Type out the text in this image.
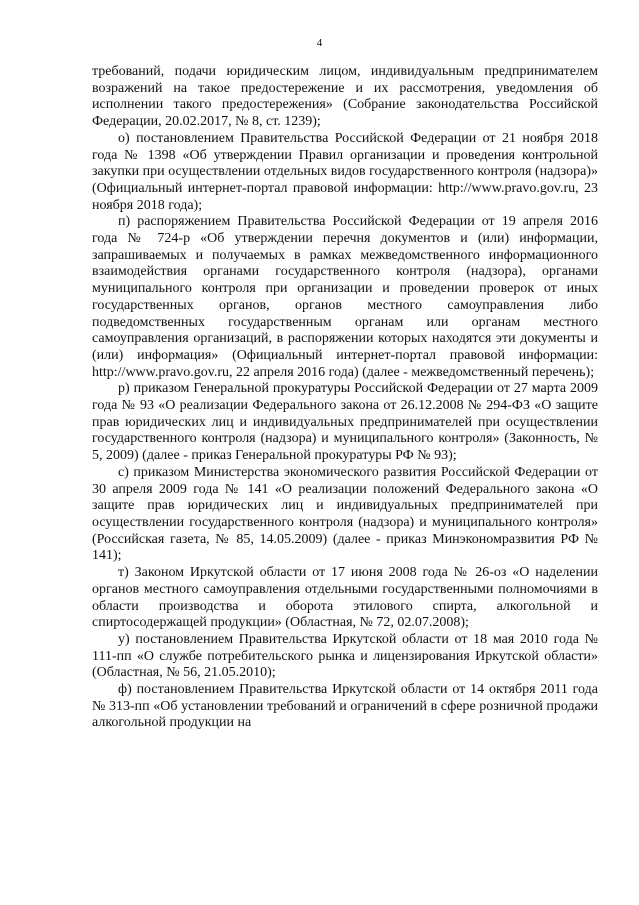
4

требований, подачи юридическим лицом, индивидуальным предпринимателем возражений на такое предостережение и их рассмотрения, уведомления об исполнении такого предостережения» (Собрание законодательства Российской Федерации, 20.02.2017, № 8, ст. 1239);

о) постановлением Правительства Российской Федерации от 21 ноября 2018 года № 1398 «Об утверждении Правил организации и проведения контрольной закупки при осуществлении отдельных видов государственного контроля (надзора)» (Официальный интернет-портал правовой информации: http://www.pravo.gov.ru, 23 ноября 2018 года);

п) распоряжением Правительства Российской Федерации от 19 апреля 2016 года № 724-р «Об утверждении перечня документов и (или) информации, запрашиваемых и получаемых в рамках межведомственного информационного взаимодействия органами государственного контроля (надзора), органами муниципального контроля при организации и проведении проверок от иных государственных органов, органов местного самоуправления либо подведомственных государственным органам или органам местного самоуправления организаций, в распоряжении которых находятся эти документы и (или) информация» (Официальный интернет-портал правовой информации: http://www.pravo.gov.ru, 22 апреля 2016 года) (далее - межведомственный перечень);

р) приказом Генеральной прокуратуры Российской Федерации от 27 марта 2009 года № 93 «О реализации Федерального закона от 26.12.2008 № 294-ФЗ «О защите прав юридических лиц и индивидуальных предпринимателей при осуществлении государственного контроля (надзора) и муниципального контроля» (Законность, № 5, 2009) (далее - приказ Генеральной прокуратуры РФ № 93);

с) приказом Министерства экономического развития Российской Федерации от 30 апреля 2009 года № 141 «О реализации положений Федерального закона «О защите прав юридических лиц и индивидуальных предпринимателей при осуществлении государственного контроля (надзора) и муниципального контроля» (Российская газета, № 85, 14.05.2009) (далее - приказ Минэкономразвития РФ № 141);

т) Законом Иркутской области от 17 июня 2008 года № 26-оз «О наделении органов местного самоуправления отдельными государственными полномочиями в области производства и оборота этилового спирта, алкогольной и спиртосодержащей продукции» (Областная, № 72, 02.07.2008);

у) постановлением Правительства Иркутской области от 18 мая 2010 года № 111-пп «О службе потребительского рынка и лицензирования Иркутской области» (Областная, № 56, 21.05.2010);

ф) постановлением Правительства Иркутской области от 14 октября 2011 года № 313-пп «Об установлении требований и ограничений в сфере розничной продажи алкогольной продукции на
